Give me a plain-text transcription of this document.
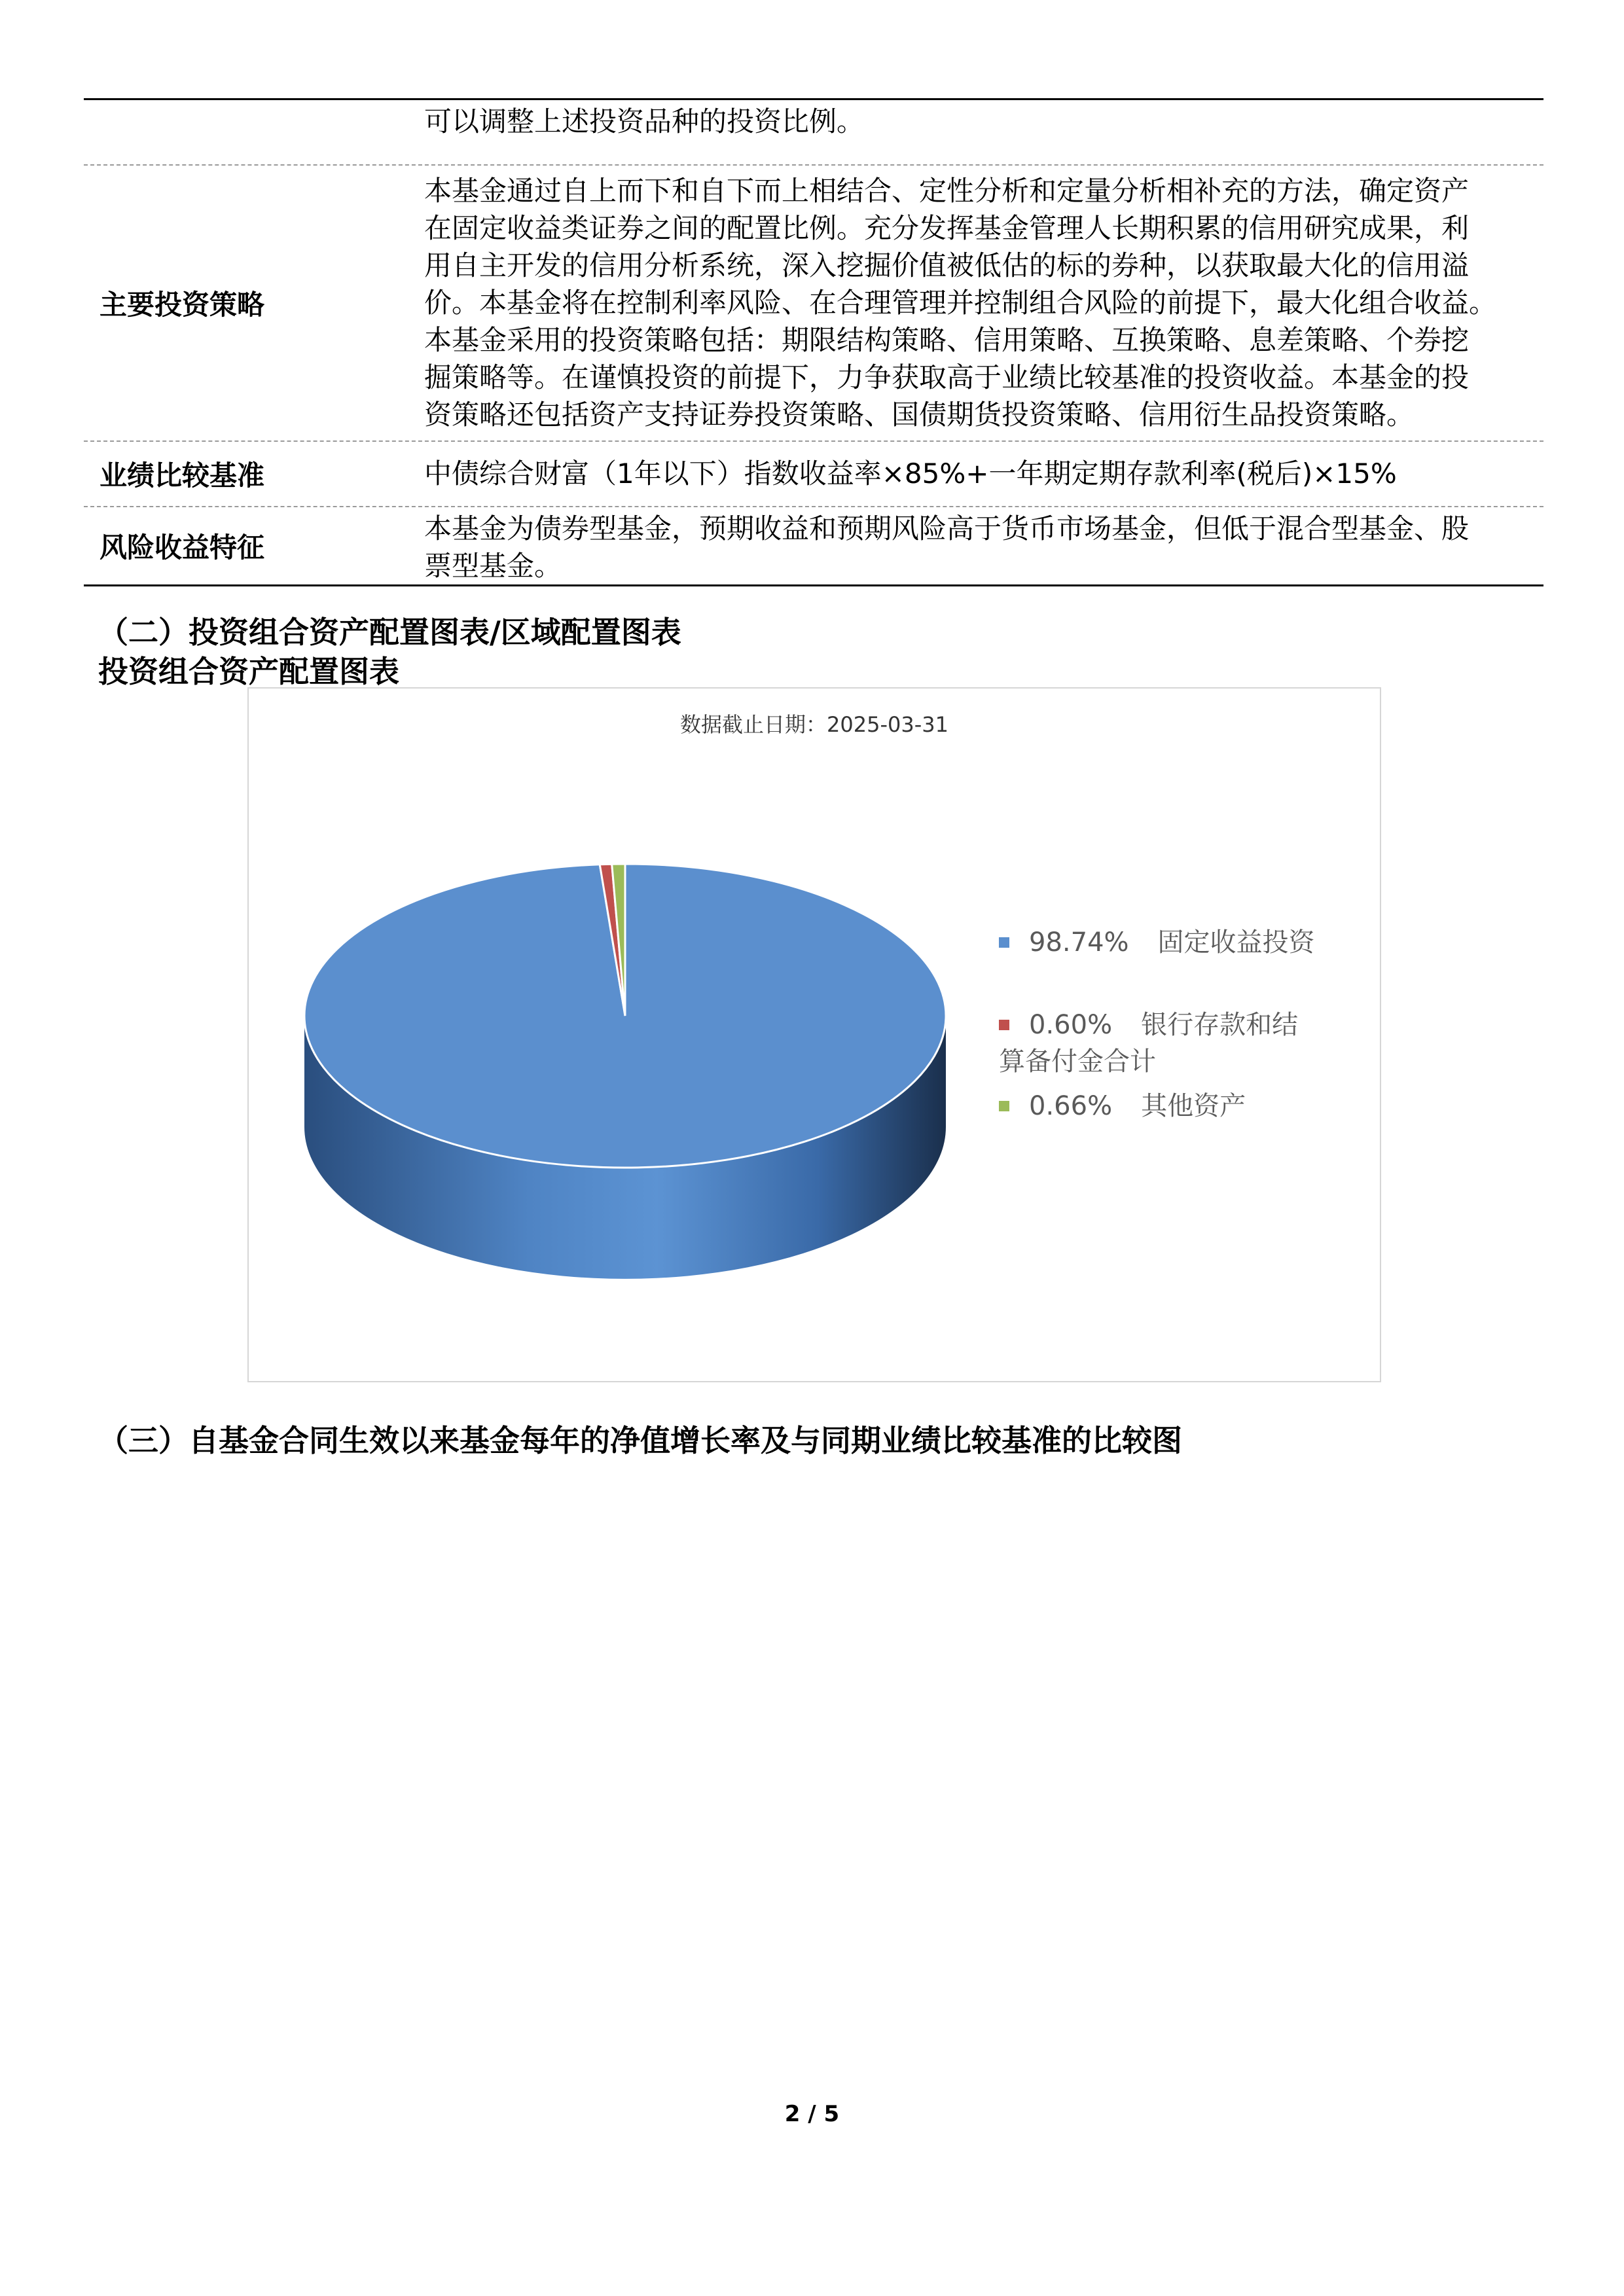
可以调整上述投资品种的投资比例。

主要投资策略

本基金通过自上而下和自下而上相结合、定性分析和定量分析相补充的方法，确定资产

在固定收益类证券之间的配置比例。充分发挥基金管理人长期积累的信用研究成果，利

用自主开发的信用分析系统，深入挖掘价值被低估的标的券种，以获取最大化的信用溢

价。本基金将在控制利率风险、在合理管理并控制组合风险的前提下，最大化组合收益。

本基金采用的投资策略包括：期限结构策略、信用策略、互换策略、息差策略、个券挖

掘策略等。在谨慎投资的前提下，力争获取高于业绩比较基准的投资收益。本基金的投

资策略还包括资产支持证券投资策略、国债期货投资策略、信用衍生品投资策略。

业绩比较基准	中债综合财富（1年以下）指数收益率×85%+一年期定期存款利率(税后)×15%

风险收益特征

本基金为债券型基金，预期收益和预期风险高于货币市场基金，但低于混合型基金、股

票型基金。

（二）投资组合资产配置图表/区域配置图表
投资组合资产配置图表
数据截止日期：2025-03-31
98.74% 固定收益投资
0.60% 银行存款和结算备付金合计
0.66% 其他资产
（三）自基金合同生效以来基金每年的净值增长率及与同期业绩比较基准的比较图
2 / 5
